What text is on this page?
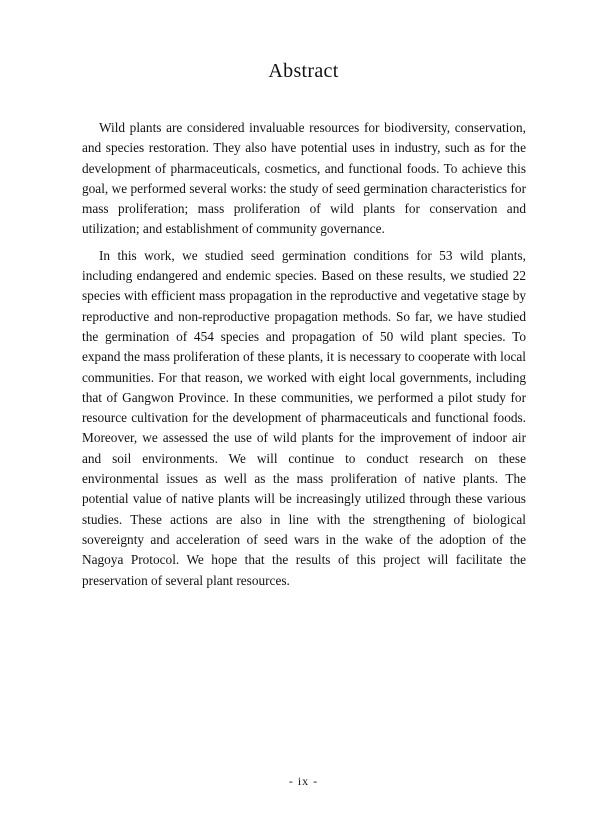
Abstract

Wild plants are considered invaluable resources for biodiversity, conservation, and species restoration. They also have potential uses in industry, such as for the development of pharmaceuticals, cosmetics, and functional foods. To achieve this goal, we performed several works: the study of seed germination characteristics for mass proliferation; mass proliferation of wild plants for conservation and utilization; and establishment of community governance.

In this work, we studied seed germination conditions for 53 wild plants, including endangered and endemic species. Based on these results, we studied 22 species with efficient mass propagation in the reproductive and vegetative stage by reproductive and non-reproductive propagation methods. So far, we have studied the germination of 454 species and propagation of 50 wild plant species. To expand the mass proliferation of these plants, it is necessary to cooperate with local communities. For that reason, we worked with eight local governments, including that of Gangwon Province. In these communities, we performed a pilot study for resource cultivation for the development of pharmaceuticals and functional foods. Moreover, we assessed the use of wild plants for the improvement of indoor air and soil environments. We will continue to conduct research on these environmental issues as well as the mass proliferation of native plants. The potential value of native plants will be increasingly utilized through these various studies. These actions are also in line with the strengthening of biological sovereignty and acceleration of seed wars in the wake of the adoption of the Nagoya Protocol. We hope that the results of this project will facilitate the preservation of several plant resources.

- ix -
